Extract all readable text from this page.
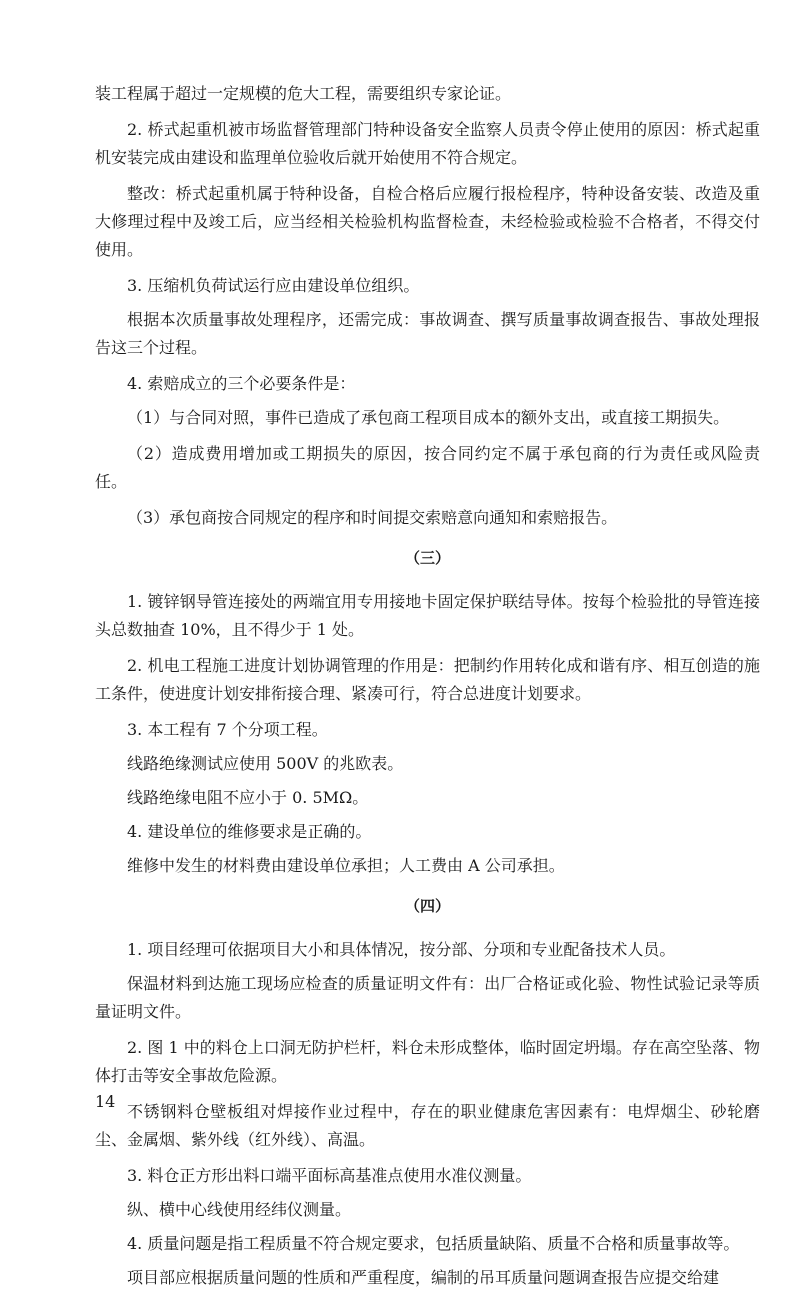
装工程属于超过一定规模的危大工程，需要组织专家论证。

2. 桥式起重机被市场监督管理部门特种设备安全监察人员责令停止使用的原因：桥式起重机安装完成由建设和监理单位验收后就开始使用不符合规定。

整改：桥式起重机属于特种设备，自检合格后应履行报检程序，特种设备安装、改造及重大修理过程中及竣工后，应当经相关检验机构监督检查，未经检验或检验不合格者，不得交付使用。

3. 压缩机负荷试运行应由建设单位组织。

根据本次质量事故处理程序，还需完成：事故调查、撰写质量事故调查报告、事故处理报告这三个过程。

4. 索赔成立的三个必要条件是：

（1）与合同对照，事件已造成了承包商工程项目成本的额外支出，或直接工期损失。

（2）造成费用增加或工期损失的原因，按合同约定不属于承包商的行为责任或风险责任。

（3）承包商按合同规定的程序和时间提交索赔意向通知和索赔报告。

（三）

1. 镀锌钢导管连接处的两端宜用专用接地卡固定保护联结导体。按每个检验批的导管连接头总数抽查 10%，且不得少于 1 处。

2. 机电工程施工进度计划协调管理的作用是：把制约作用转化成和谐有序、相互创造的施工条件，使进度计划安排衔接合理、紧凑可行，符合总进度计划要求。

3. 本工程有 7 个分项工程。

线路绝缘测试应使用 500V 的兆欧表。

线路绝缘电阻不应小于 0. 5MΩ。

4. 建设单位的维修要求是正确的。

维修中发生的材料费由建设单位承担；人工费由 A 公司承担。

（四）

1. 项目经理可依据项目大小和具体情况，按分部、分项和专业配备技术人员。

保温材料到达施工现场应检查的质量证明文件有：出厂合格证或化验、物性试验记录等质量证明文件。

2. 图 1 中的料仓上口洞无防护栏杆，料仓未形成整体，临时固定坍塌。存在高空坠落、物体打击等安全事故危险源。

不锈钢料仓壁板组对焊接作业过程中，存在的职业健康危害因素有：电焊烟尘、砂轮磨尘、金属烟、紫外线（红外线）、高温。

3. 料仓正方形出料口端平面标高基准点使用水准仪测量。

纵、横中心线使用经纬仪测量。

4. 质量问题是指工程质量不符合规定要求，包括质量缺陷、质量不合格和质量事故等。

项目部应根据质量问题的性质和严重程度，编制的吊耳质量问题调查报告应提交给建

14
